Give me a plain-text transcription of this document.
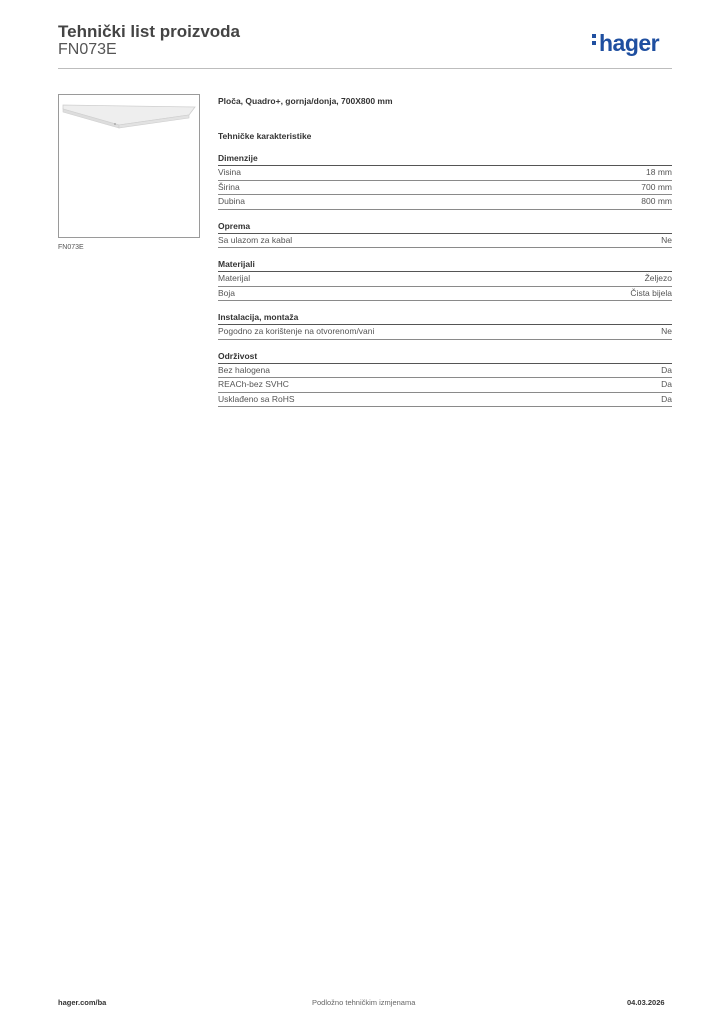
Tehnički list proizvoda
FN073E	hager
FN073E
Ploča, Quadro+, gornja/donja, 700X800 mm
Tehničke karakteristike
Dimenzije
Visina	18 mm
Širina	700 mm
Dubina	800 mm
Oprema
Sa ulazom za kabal	Ne
Materijali
Materijal	Željezo
Boja	Čista bijela
Instalacija, montaža
Pogodno za korištenje na otvorenom/vani	Ne
Održivost
Bez halogena	Da
REACh-bez SVHC	Da
Usklađeno sa RoHS	Da
hager.com/ba	Podložno tehničkim izmjenama	04.03.2026
